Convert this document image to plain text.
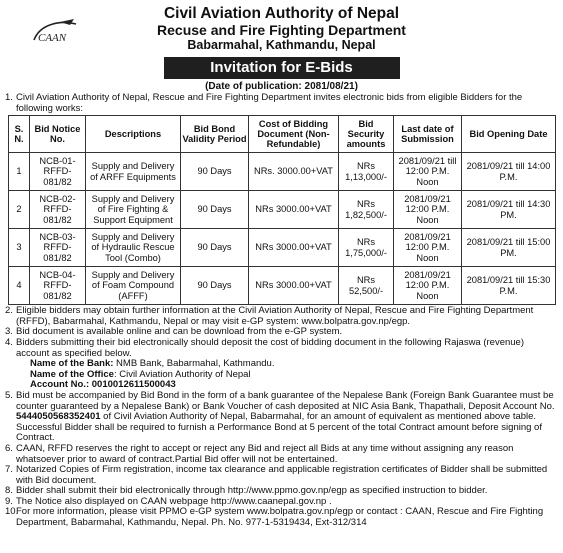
CAAN
Civil Aviation Authority of Nepal
Recuse and Fire Fighting Department
Babarmahal, Kathmandu, Nepal
Invitation for E-Bids
(Date of publication: 2081/08/21)
1. Civil Aviation Authority of Nepal, Rescue and Fire Fighting Department invites electronic bids from eligible Bidders for the following works:
S. N.	Bid Notice No.	Descriptions	Bid Bond Validity Period	Cost of Bidding Document (Non-Refundable)	Bid Security amounts	Last date of Submission	Bid Opening Date
1	NCB-01-RFFD-081/82	Supply and Delivery of ARFF Equipments	90 Days	NRs. 3000.00+VAT	NRs 1,13,000/-	2081/09/21 till 12:00 P.M. Noon	2081/09/21 till 14:00 P.M.
2	NCB-02-RFFD-081/82	Supply and Delivery of Fire Fighting & Support Equipment	90 Days	NRs 3000.00+VAT	NRs 1,82,500/-	2081/09/21 12:00 P.M. Noon	2081/09/21 till 14:30 PM.
3	NCB-03-RFFD-081/82	Supply and Delivery of Hydraulic Rescue Tool (Combo)	90 Days	NRs 3000.00+VAT	NRs 1,75,000/-	2081/09/21 12:00 P.M. Noon	2081/09/21 till 15:00 PM.
4	NCB-04-RFFD-081/82	Supply and Delivery of Foam Compound (AFFF)	90 Days	NRs 3000.00+VAT	NRs 52,500/-	2081/09/21 12:00 P.M. Noon	2081/09/21 till 15:30 P.M.
2. Eligible bidders may obtain further information at the Civil Aviation Authority of Nepal, Rescue and Fire Fighting Department (RFFD), Babarmahal, Kathmandu, Nepal or may visit e-GP system: www.bolpatra.gov.np/egp.
3. Bid document is available online and can be download from the e-GP system.
4. Bidders submitting their bid electronically should deposit the cost of bidding document in the following Rajaswa (revenue) account as specified below.
Name of the Bank: NMB Bank, Babarmahal, Kathmandu.
Name of the Office: Civil Aviation Authority of Nepal
Account No.: 0010012611500043
5. Bid must be accompanied by Bid Bond in the form of a bank guarantee of the Nepalese Bank (Foreign Bank Guarantee must be counter guaranteed by a Nepalese Bank) or Bank Voucher of cash deposited at NIC Asia Bank, Thapathali, Deposit Account No. 5444050568352401 of Civil Aviation Authority of Nepal, Babarmahal, for an amount of equivalent as mentioned above table. Successful Bidder shall be required to furnish a Performance Bond at 5 percent of the total Contract amount before signing of Contract.
6. CAAN, RFFD reserves the right to accept or reject any Bid and reject all Bids at any time without assigning any reason whatsoever prior to award of contract.Partial Bid offer will not be entertained.
7. Notarized Copies of Firm registration, income tax clearance and applicable registration certificates of Bidder shall be submitted with Bid document.
8. Bidder shall submit their bid electronically through http://www.ppmo.gov.np/egp as specified instruction to bidder.
9. The Notice also displayed on CAAN webpage http://www.caanepal.gov.np .
10.
For more information, please visit PPMO e-GP system www.bolpatra.gov.np/egp or contact : CAAN, Rescue and Fire Fighting Department, Babarmahal, Kathmandu, Nepal. Ph. No. 977-1-5319434, Ext-312/314
